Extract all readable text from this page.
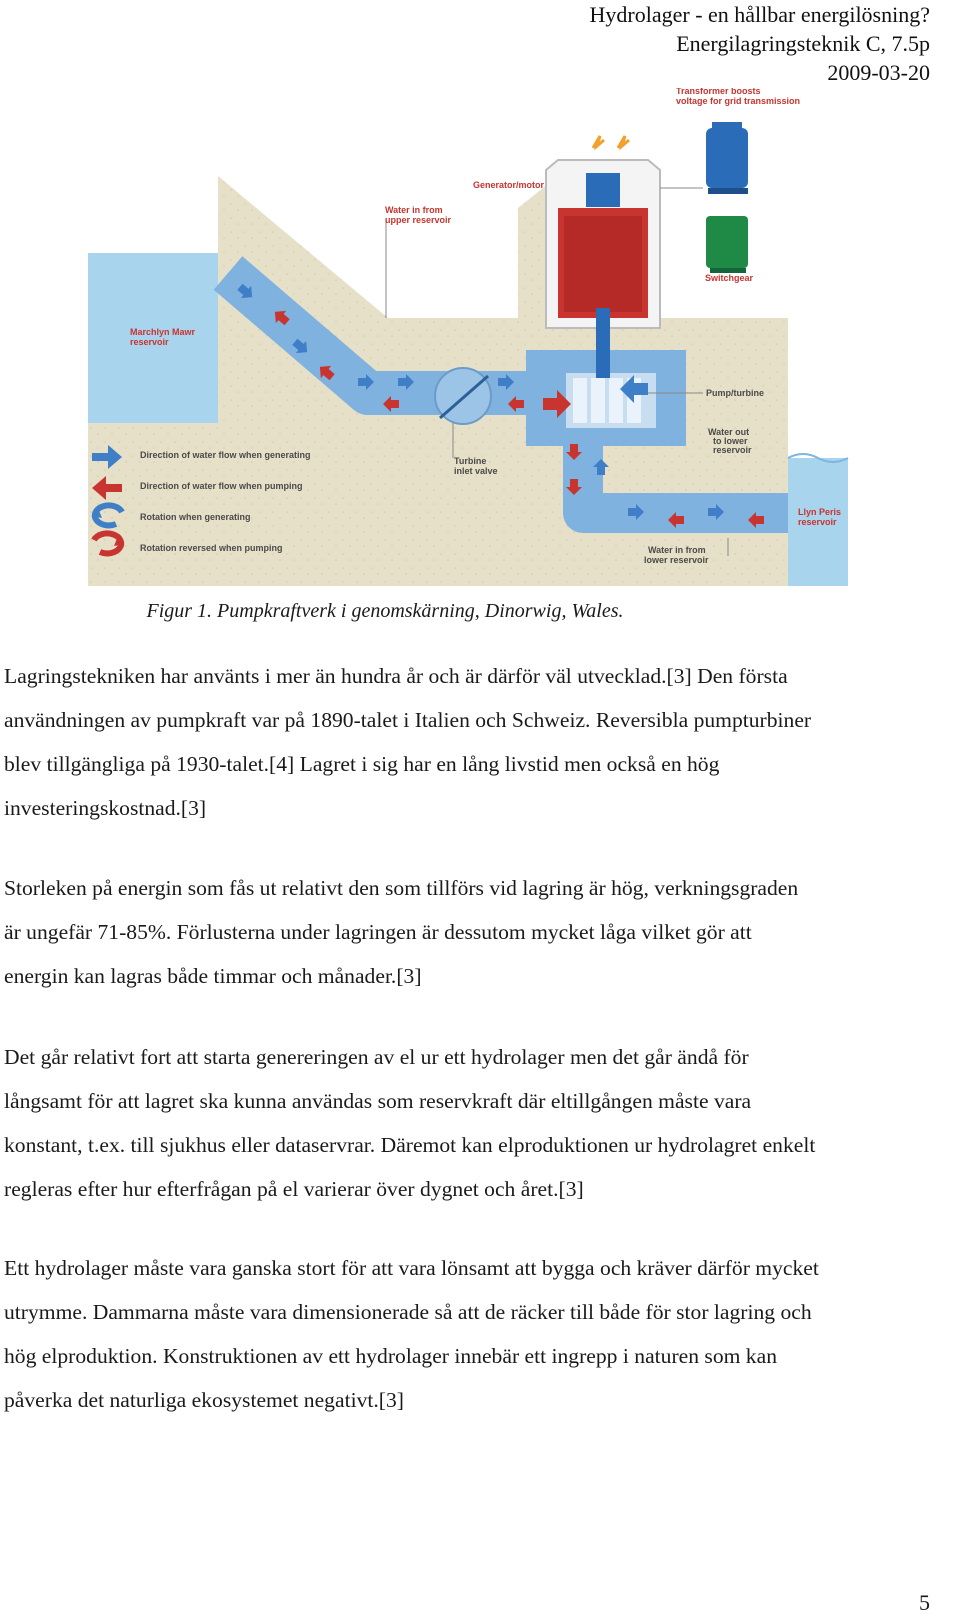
Hydrolager - en hållbar energilösning?
Energilagringsteknik C, 7.5p
2009-03-20
Transformer boosts voltage for grid transmission
Generator/motor
Water in from upper reservoir
Switchgear
Marchlyn Mawr reservoir
Pump/turbine
Water out to lower reservoir
Turbine inlet valve
Llyn Peris reservoir
Water in from lower reservoir
Direction of water flow when generating
Direction of water flow when pumping
Rotation when generating
Rotation reversed when pumping
Figur 1. Pumpkraftverk i genomskärning, Dinorwig, Wales.

Lagringstekniken har använts i mer än hundra år och är därför väl utvecklad.[3] Den första
användningen av pumpkraft var på 1890-talet i Italien och Schweiz. Reversibla pumpturbiner
blev tillgängliga på 1930-talet.[4] Lagret i sig har en lång livstid men också en hög
investeringskostnad.[3]

Storleken på energin som fås ut relativt den som tillförs vid lagring är hög, verkningsgraden
är ungefär 71-85%. Förlusterna under lagringen är dessutom mycket låga vilket gör att
energin kan lagras både timmar och månader.[3]

Det går relativt fort att starta genereringen av el ur ett hydrolager men det går ändå för
långsamt för att lagret ska kunna användas som reservkraft där eltillgången måste vara
konstant, t.ex. till sjukhus eller dataservrar. Däremot kan elproduktionen ur hydrolagret enkelt
regleras efter hur efterfrågan på el varierar över dygnet och året.[3]

Ett hydrolager måste vara ganska stort för att vara lönsamt att bygga och kräver därför mycket
utrymme. Dammarna måste vara dimensionerade så att de räcker till både för stor lagring och
hög elproduktion. Konstruktionen av ett hydrolager innebär ett ingrepp i naturen som kan
påverka det naturliga ekosystemet negativt.[3]

5
